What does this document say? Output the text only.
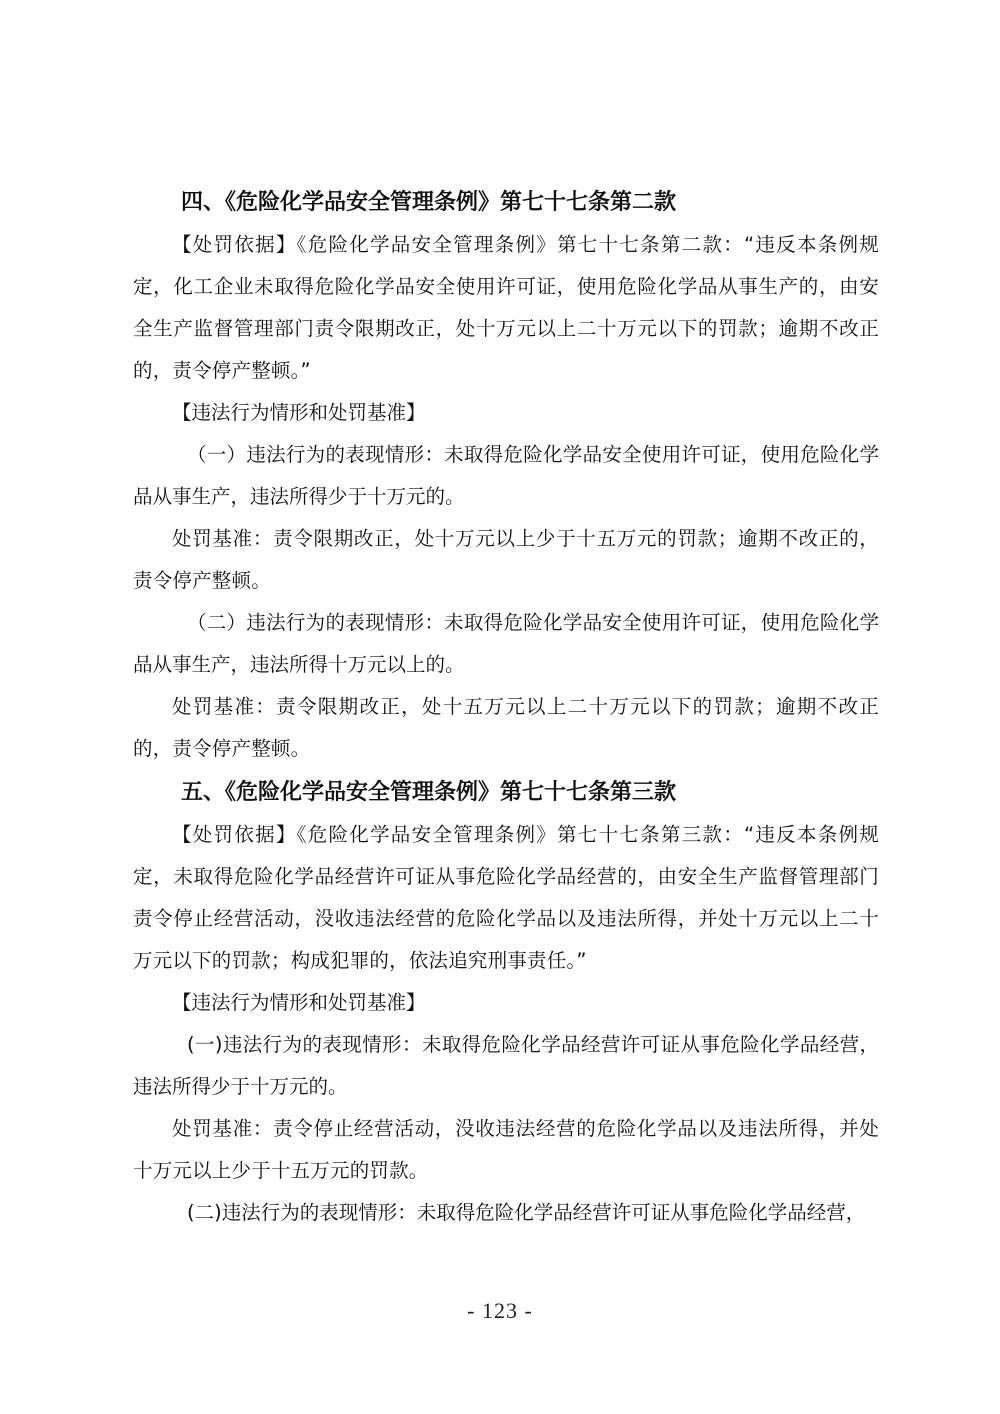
四、《危险化学品安全管理条例》第七十七条第二款

【处罚依据】《危险化学品安全管理条例》第七十七条第二款：“违反本条例规定，化工企业未取得危险化学品安全使用许可证，使用危险化学品从事生产的，由安全生产监督管理部门责令限期改正，处十万元以上二十万元以下的罚款；逾期不改正的，责令停产整顿。”

【违法行为情形和处罚基准】

（一）违法行为的表现情形：未取得危险化学品安全使用许可证，使用危险化学品从事生产，违法所得少于十万元的。

处罚基准：责令限期改正，处十万元以上少于十五万元的罚款；逾期不改正的，责令停产整顿。

（二）违法行为的表现情形：未取得危险化学品安全使用许可证，使用危险化学品从事生产，违法所得十万元以上的。

处罚基准：责令限期改正，处十五万元以上二十万元以下的罚款；逾期不改正的，责令停产整顿。

五、《危险化学品安全管理条例》第七十七条第三款

【处罚依据】《危险化学品安全管理条例》第七十七条第三款：“违反本条例规定，未取得危险化学品经营许可证从事危险化学品经营的，由安全生产监督管理部门责令停止经营活动，没收违法经营的危险化学品以及违法所得，并处十万元以上二十万元以下的罚款；构成犯罪的，依法追究刑事责任。”

【违法行为情形和处罚基准】

(一)违法行为的表现情形：未取得危险化学品经营许可证从事危险化学品经营，违法所得少于十万元的。

处罚基准：责令停止经营活动，没收违法经营的危险化学品以及违法所得，并处十万元以上少于十五万元的罚款。

(二)违法行为的表现情形：未取得危险化学品经营许可证从事危险化学品经营，

- 123 -
